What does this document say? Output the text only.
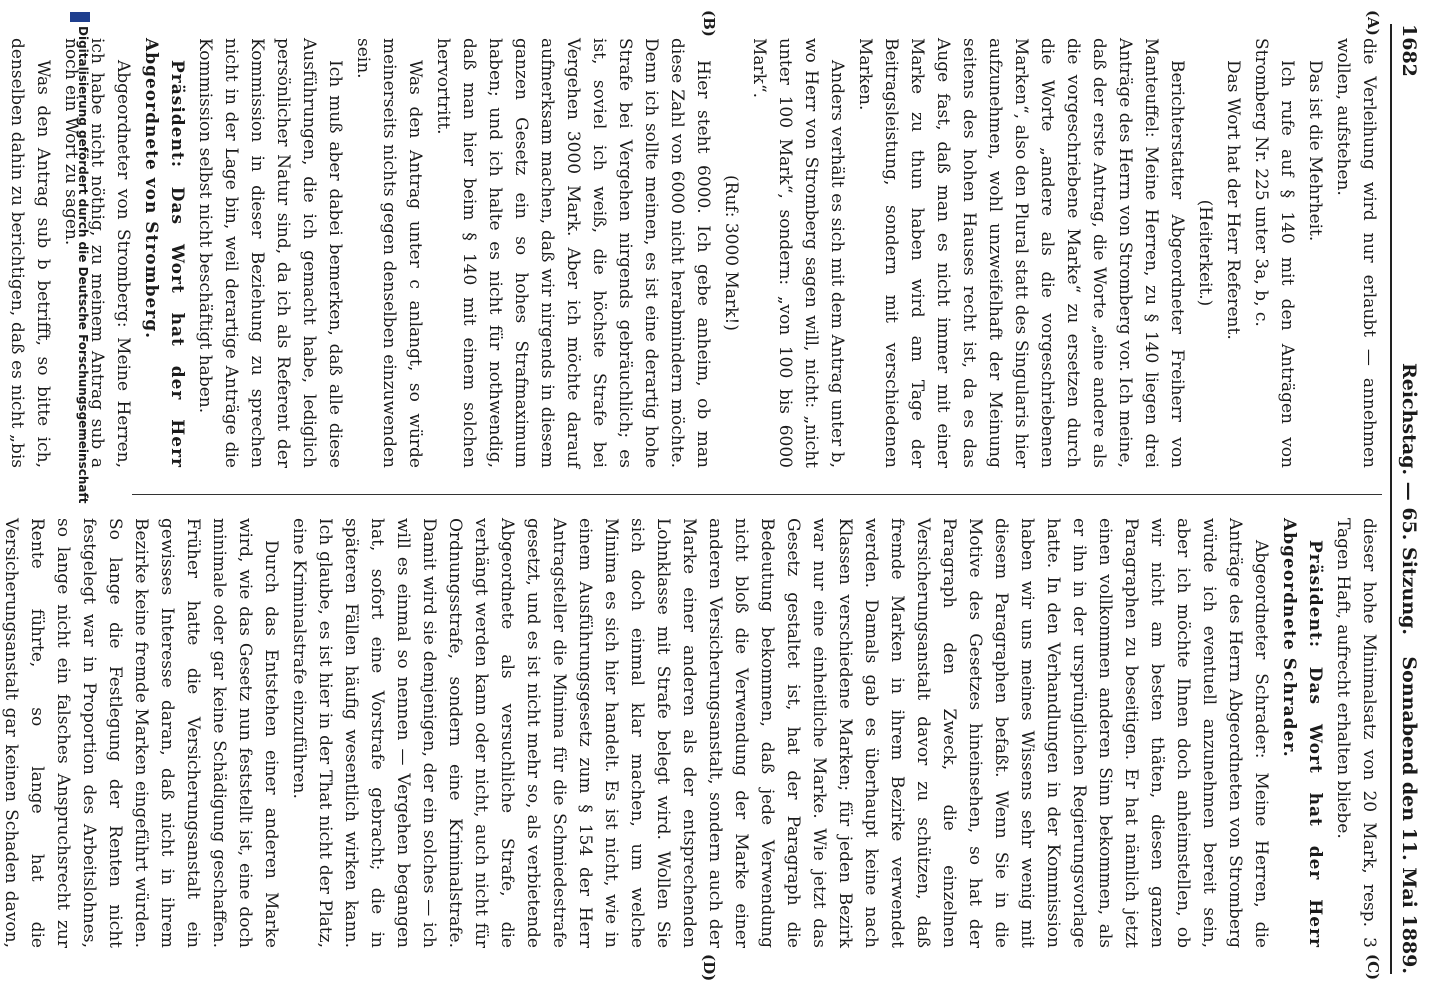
1682
Reichstag. — 65. Sitzung.
Sonnabend den 11. Mai 1889.
(A)
(B)
(C)
(D)

die Verleihung wird nur erlaubt — annehmen wollen, aufstehen.

Das ist die Mehrheit.

Ich rufe auf § 140 mit den Anträgen von Stromberg Nr. 225 unter 3a, b, c.

Das Wort hat der Herr Referent.

(Heiterkeit.)

Berichterstatter Abgeordneter Freiherr von Manteuffel: Meine Herren, zu § 140 liegen drei Anträge des Herrn von Stromberg vor. Ich meine, daß der erste Antrag, die Worte „eine andere als die vorgeschriebene Marke“ zu ersetzen durch die Worte „andere als die vorgeschriebenen Marken“, also den Plural statt des Singularis hier aufzunehmen, wohl unzweifelhaft der Meinung seitens des hohen Hauses recht ist, da es das Auge fast, daß man es nicht immer mit einer Marke zu thun haben wird am Tage der Beitragsleistung, sondern mit verschiedenen Marken.

Anders verhält es sich mit dem Antrag unter b, wo Herr von Stromberg sagen will, nicht: „nicht unter 100 Mark“, sondern: „von 100 bis 6000 Mark“.

(Ruf: 3000 Mark!)

Hier steht 6000. Ich gebe anheim, ob man diese Zahl von 6000 nicht herabmindern möchte. Denn ich sollte meinen, es ist eine derartig hohe Strafe bei Vergehen nirgends gebräuchlich; es ist, soviel ich weiß, die höchste Strafe bei Vergehen 3000 Mark. Aber ich möchte darauf aufmerksam machen, daß wir nirgends in diesem ganzen Gesetz ein so hohes Strafmaximum haben; und ich halte es nicht für nothwendig, daß man hier beim § 140 mit einem solchen hervortritt.

Was den Antrag unter c anlangt, so würde meinerseits nichts gegen denselben einzuwenden sein.

Ich muß aber dabei bemerken, daß alle diese Ausführungen, die ich gemacht habe, lediglich persönlicher Natur sind, da ich als Referent der Kommission in dieser Beziehung zu sprechen nicht in der Lage bin, weil derartige Anträge die Kommission selbst nicht beschäftigt haben.

Präsident: Das Wort hat der Herr Abgeordnete von Stromberg.

Abgeordneter von Stromberg: Meine Herren, ich habe nicht nöthig, zu meinem Antrag sub a noch ein Wort zu sagen.

Was den Antrag sub b betrifft, so bitte ich, denselben dahin zu berichtigen, daß es nicht „bis

dieser hohe Minimalsatz von 20 Mark, resp. 3 Tagen Haft, aufrecht erhalten bliebe.

Präsident: Das Wort hat der Herr Abgeordnete Schrader.

Abgeordneter Schrader: Meine Herren, die Anträge des Herrn Abgeordneten von Stromberg würde ich eventuell anzunehmen bereit sein, aber ich möchte Ihnen doch anheimstellen, ob wir nicht am besten thäten, diesen ganzen Paragraphen zu beseitigen. Er hat nämlich jetzt einen vollkommen anderen Sinn bekommen, als er ihn in der ursprünglichen Regierungsvorlage hatte. In den Verhandlungen in der Kommission haben wir uns meines Wissens sehr wenig mit diesem Paragraphen befaßt. Wenn Sie in die Motive des Gesetzes hineinsehen, so hat der Paragraph den Zweck, die einzelnen Versicherungsanstalt davor zu schützen, daß fremde Marken in ihrem Bezirke verwendet werden. Damals gab es überhaupt keine nach Klassen verschiedene Marken; für jeden Bezirk war nur eine einheitliche Marke. Wie jetzt das Gesetz gestaltet ist, hat der Paragraph die Bedeutung bekommen, daß jede Verwendung nicht bloß die Verwendung der Marke einer anderen Versicherungsanstalt, sondern auch der Marke einer anderen als der entsprechenden Lohnklasse mit Strafe belegt wird. Wollen Sie sich doch einmal klar machen, um welche Minima es sich hier handelt. Es ist nicht, wie in einem Ausführungsgesetz zum § 154 der Herr Antragsteller die Minima für die Schmiedestrafe gesetzt, und es ist nicht mehr so, als verbietende Abgeordnete als versuchliche Strafe, die verhängt werden kann oder nicht, auch nicht für Ordnungsstrafe, sondern eine Kriminalstrafe. Damit wird sie demjenigen, der ein solches — ich will es einmal so nennen — Vergehen begangen hat, sofort eine Vorstrafe gebracht; die in späteren Fällen häufig wesentlich wirken kann. Ich glaube, es ist hier in der That nicht der Platz, eine Kriminalstrafe einzuführen.

Durch das Entstehen einer anderen Marke wird, wie das Gesetz nun feststellt ist, eine doch minimale oder gar keine Schädigung geschaffen. Früher hatte die Versicherungsanstalt ein gewisses Interesse daran, daß nicht in ihrem Bezirke keine fremde Marken eingeführt würden. So lange die Festlegung der Renten nicht festgelegt war in Proportion des Arbeitslohnes, so lange nicht ein falsches Anspruchsrecht zur Rente führte, so lange hat die Versicherungsanstalt gar keinen Schaden davon,

Digitalisierung gefördert durch die Deutsche Forschungsgemeinschaft
